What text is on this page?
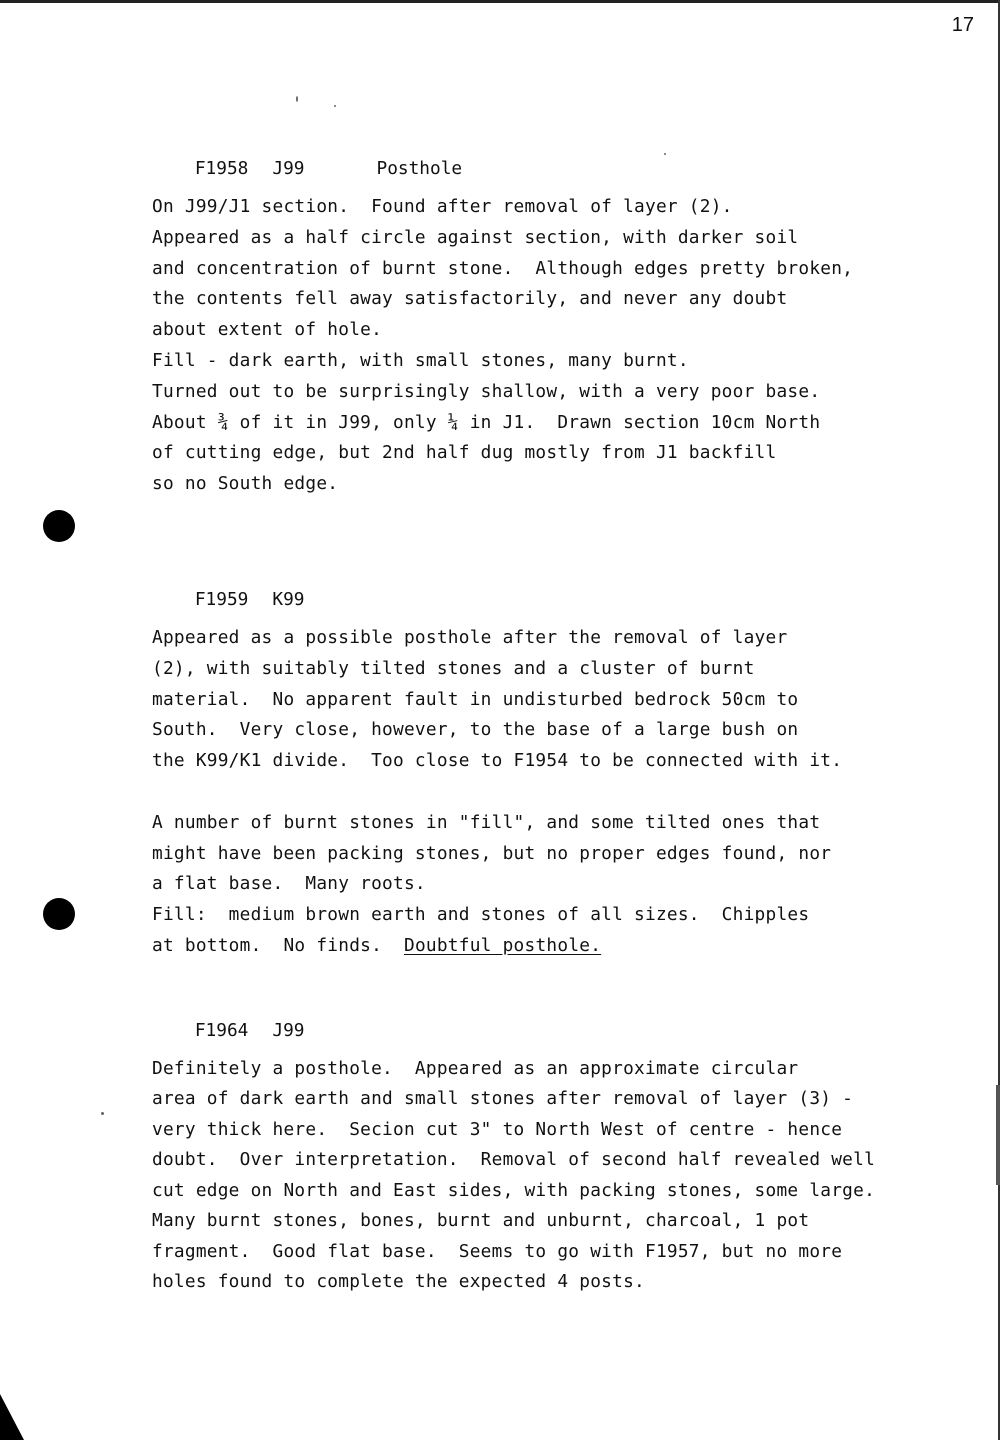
17

F1958 J99	Posthole

On J99/J1 section.  Found after removal of layer (2).
Appeared as a half circle against section, with darker soil
and concentration of burnt stone.  Although edges pretty broken,
the contents fell away satisfactorily, and never any doubt
about extent of hole.
Fill - dark earth, with small stones, many burnt.
Turned out to be surprisingly shallow, with a very poor base.
About ¾ of it in J99, only ¼ in J1.  Drawn section 10cm North
of cutting edge, but 2nd half dug mostly from J1 backfill
so no South edge.

F1959 K99

Appeared as a possible posthole after the removal of layer
(2), with suitably tilted stones and a cluster of burnt
material.  No apparent fault in undisturbed bedrock 50cm to
South.  Very close, however, to the base of a large bush on
the K99/K1 divide.  Too close to F1954 to be connected with it.
A number of burnt stones in "fill", and some tilted ones that
might have been packing stones, but no proper edges found, nor
a flat base.  Many roots.
Fill:  medium brown earth and stones of all sizes.  Chipples
at bottom.  No finds.  Doubtful posthole.

F1964 J99

Definitely a posthole.  Appeared as an approximate circular
area of dark earth and small stones after removal of layer (3) -
very thick here.  Secion cut 3" to North West of centre - hence
doubt.  Over interpretation.  Removal of second half revealed well
cut edge on North and East sides, with packing stones, some large.
Many burnt stones, bones, burnt and unburnt, charcoal, 1 pot
fragment.  Good flat base.  Seems to go with F1957, but no more
holes found to complete the expected 4 posts.
